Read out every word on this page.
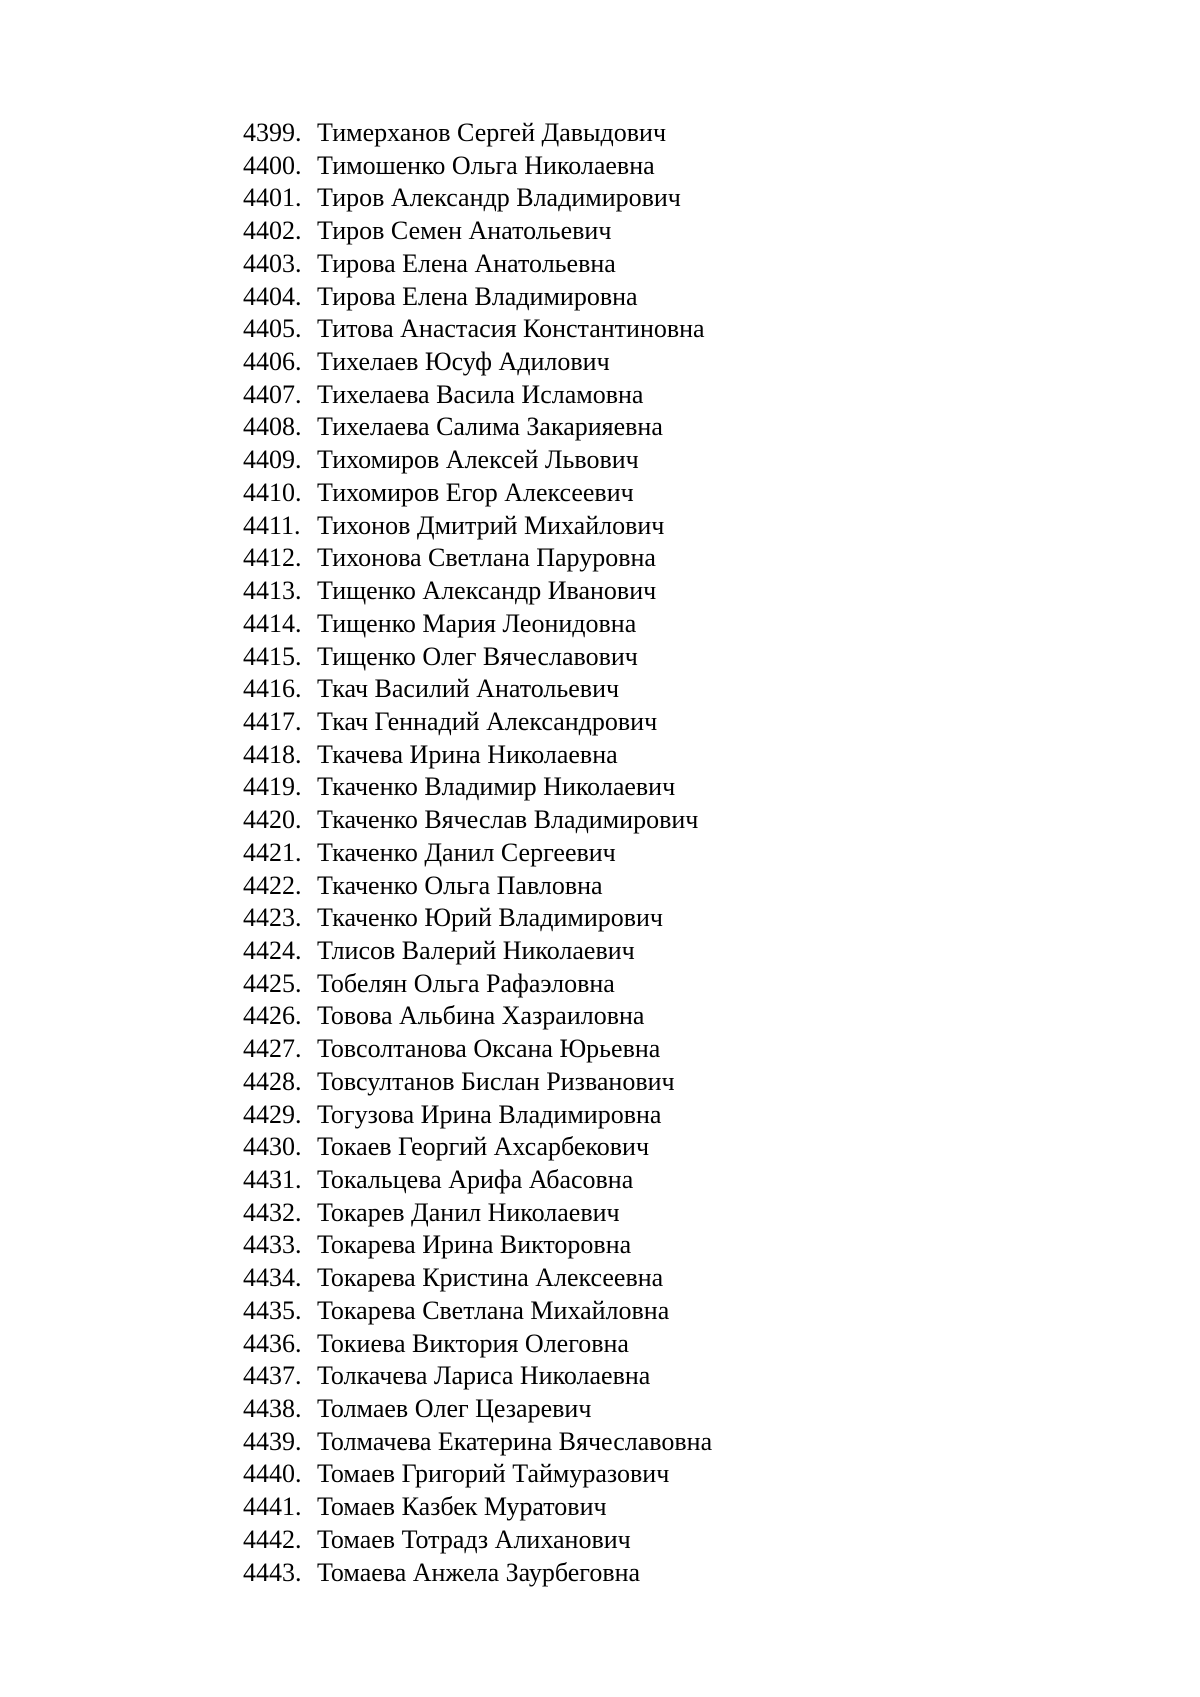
4399. Тимерханов Сергей Давыдович
4400. Тимошенко Ольга Николаевна
4401. Тиров Александр Владимирович
4402. Тиров Семен Анатольевич
4403. Тирова Елена Анатольевна
4404. Тирова Елена Владимировна
4405. Титова Анастасия Константиновна
4406. Тихелаев Юсуф Адилович
4407. Тихелаева Васила Исламовна
4408. Тихелаева Салима Закарияевна
4409. Тихомиров Алексей Львович
4410. Тихомиров Егор Алексеевич
4411. Тихонов Дмитрий Михайлович
4412. Тихонова Светлана Паруровна
4413. Тищенко Александр Иванович
4414. Тищенко Мария Леонидовна
4415. Тищенко Олег Вячеславович
4416. Ткач Василий Анатольевич
4417. Ткач Геннадий Александрович
4418. Ткачева Ирина Николаевна
4419. Ткаченко Владимир Николаевич
4420. Ткаченко Вячеслав Владимирович
4421. Ткаченко Данил Сергеевич
4422. Ткаченко Ольга Павловна
4423. Ткаченко Юрий Владимирович
4424. Тлисов Валерий Николаевич
4425. Тобелян Ольга Рафаэловна
4426. Товова Альбина Хазраиловна
4427. Товсолтанова Оксана Юрьевна
4428. Товсултанов Бислан Ризванович
4429. Тогузова Ирина Владимировна
4430. Токаев Георгий Ахсарбекович
4431. Токальцева Арифа Абасовна
4432. Токарев Данил Николаевич
4433. Токарева Ирина Викторовна
4434. Токарева Кристина Алексеевна
4435. Токарева Светлана Михайловна
4436. Токиева Виктория Олеговна
4437. Толкачева Лариса Николаевна
4438. Толмаев Олег Цезаревич
4439. Толмачева Екатерина Вячеславовна
4440. Томаев Григорий Таймуразович
4441. Томаев Казбек Муратович
4442. Томаев Тотрадз Алиханович
4443. Томаева Анжела Заурбеговна
